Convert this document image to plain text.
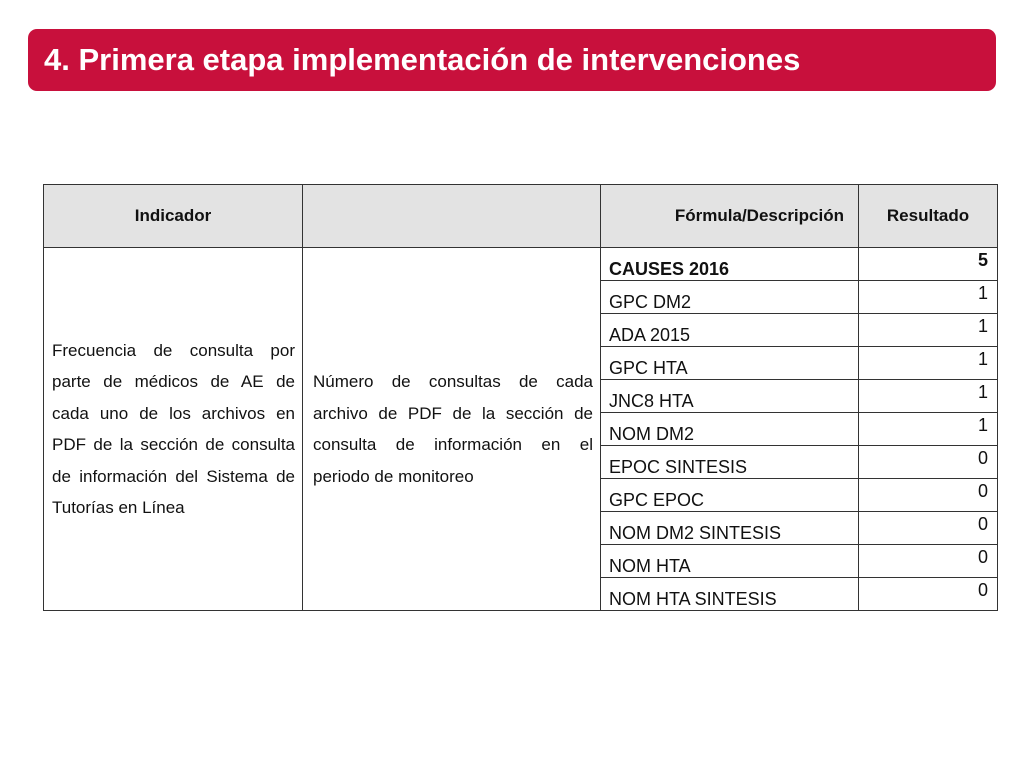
4. Primera etapa implementación de intervenciones
Indicador		Fórmula/Descripción	Resultado
Frecuencia de consulta por parte de médicos de AE de cada uno de los archivos en PDF de la sección de consulta de información del Sistema de Tutorías en Línea	Número de consultas de cada archivo de PDF de la sección de consulta de información en el periodo de monitoreo	CAUSES 2016	5
		GPC DM2	1
		ADA 2015	1
		GPC HTA	1
		JNC8 HTA	1
		NOM DM2	1
		EPOC SINTESIS	0
		GPC EPOC	0
		NOM DM2 SINTESIS	0
		NOM HTA	0
		NOM HTA SINTESIS	0
